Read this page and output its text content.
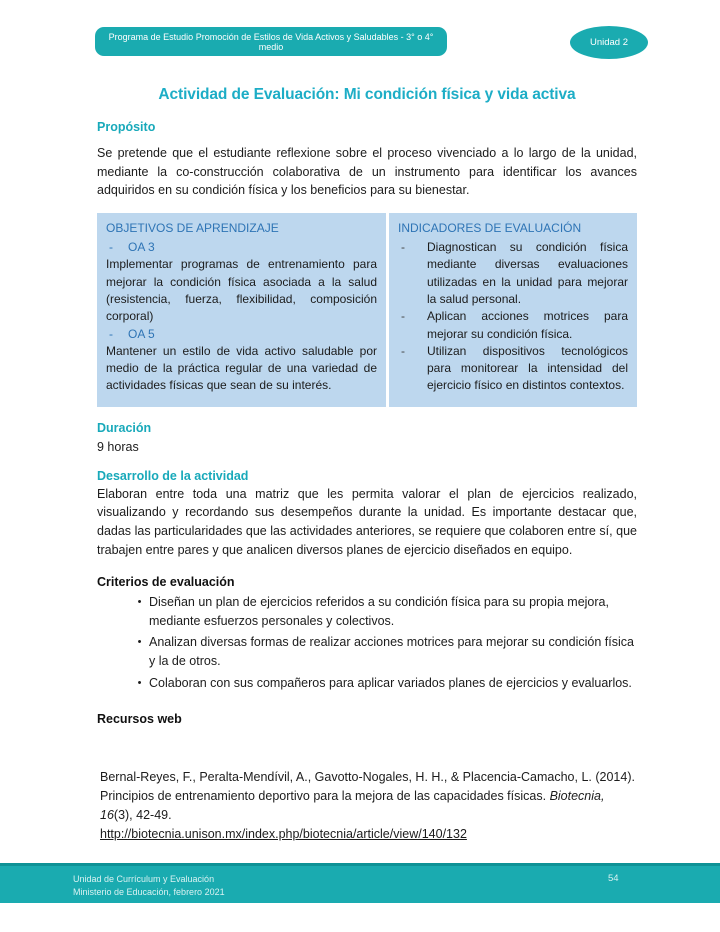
Programa de Estudio Promoción de Estilos de Vida Activos y Saludables - 3° o 4° medio	Unidad 2
Actividad de Evaluación: Mi condición física y vida activa
Propósito

Se pretende que el estudiante reflexione sobre el proceso vivenciado a lo largo de la unidad, mediante la co-construcción colaborativa de un instrumento para identificar los avances adquiridos en su condición física y los beneficios para su bienestar.

OBJETIVOS DE APRENDIZAJE
-	OA 3
Implementar programas de entrenamiento para mejorar la condición física asociada a la salud (resistencia, fuerza, flexibilidad, composición corporal)
-	OA 5
Mantener un estilo de vida activo saludable por medio de la práctica regular de una variedad de actividades físicas que sean de su interés.
INDICADORES DE EVALUACIÓN
-	Diagnostican su condición física mediante diversas evaluaciones utilizadas en la unidad para mejorar la salud personal.
-	Aplican acciones motrices para mejorar su condición física.
-	Utilizan dispositivos tecnológicos para monitorear la intensidad del ejercicio físico en distintos contextos.
Duración
9 horas
Desarrollo de la actividad

Elaboran entre toda una matriz que les permita valorar el plan de ejercicios realizado, visualizando y recordando sus desempeños durante la unidad. Es importante destacar que, dadas las particularidades que las actividades anteriores, se requiere que colaboren entre sí, que trabajen entre pares y que analicen diversos planes de ejercicio diseñados en equipo.

Criterios de evaluación
• Diseñan un plan de ejercicios referidos a su condición física para su propia mejora, mediante esfuerzos personales y colectivos.
• Analizan diversas formas de realizar acciones motrices para mejorar su condición física y la de otros.
• Colaboran con sus compañeros para aplicar variados planes de ejercicios y evaluarlos.
Recursos web
Bernal-Reyes, F., Peralta-Mendívil, A., Gavotto-Nogales, H. H., & Placencia-Camacho, L. (2014). Principios de entrenamiento deportivo para la mejora de las capacidades físicas. Biotecnia, 16(3), 42-49.
http://biotecnia.unison.mx/index.php/biotecnia/article/view/140/132
Unidad de Currículum y Evaluación
Ministerio de Educación, febrero 2021
54
